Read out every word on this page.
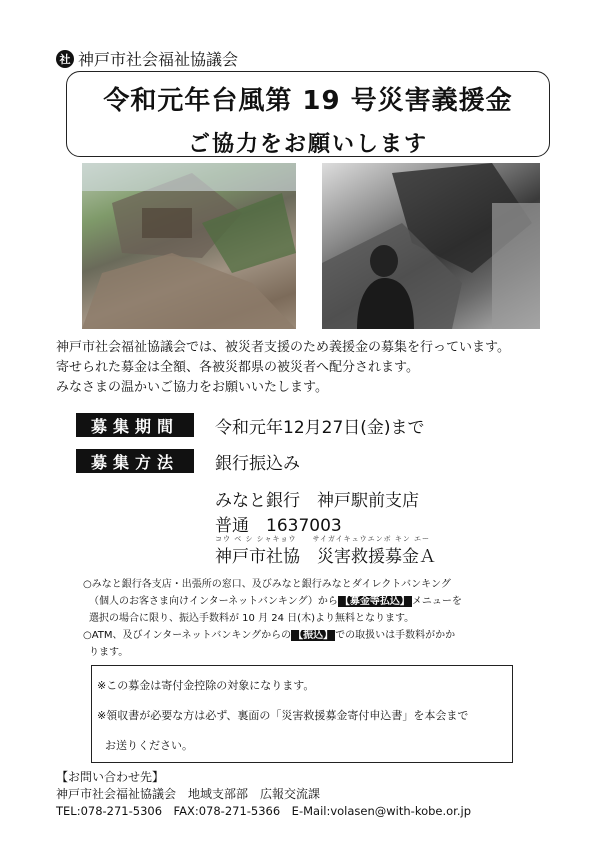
社 神戸市社会福祉協議会
令和元年台風第 19 号災害義援金
ご協力をお願いします
神戸市社会福祉協議会では、被災者支援のため義援金の募集を行っています。
寄せられた募金は全額、各被災都県の被災者へ配分されます。
みなさまの温かいご協力をお願いいたします。
募集期間	令和元年12月27日(金)まで
募集方法	銀行振込み
みなと銀行　神戸駅前支店
普通　1637003
コウ ベ シ シャキョウ　　サイガイキュウエンボ キン エー
神戸市社協　災害救援募金Ａ
○みなと銀行各支店・出張所の窓口、及びみなと銀行みなとダイレクトバンキング
（個人のお客さま向けインターネットバンキング）から 【募金等払込】 メニューを
選択の場合に限り、振込手数料が 10 月 24 日(木)より無料となります。
○ATM、及びインターネットバンキングからの 【振込】 での取扱いは手数料がかか
ります。
※この募金は寄付金控除の対象になります。
※領収書が必要な方は必ず、裏面の「災害救援募金寄付申込書」を本会まで
お送りください。
【お問い合わせ先】
神戸市社会福祉協議会　地域支部部　広報交流課
TEL:078-271-5306　FAX:078-271-5366　E-Mail:volasen@with-kobe.or.jp
